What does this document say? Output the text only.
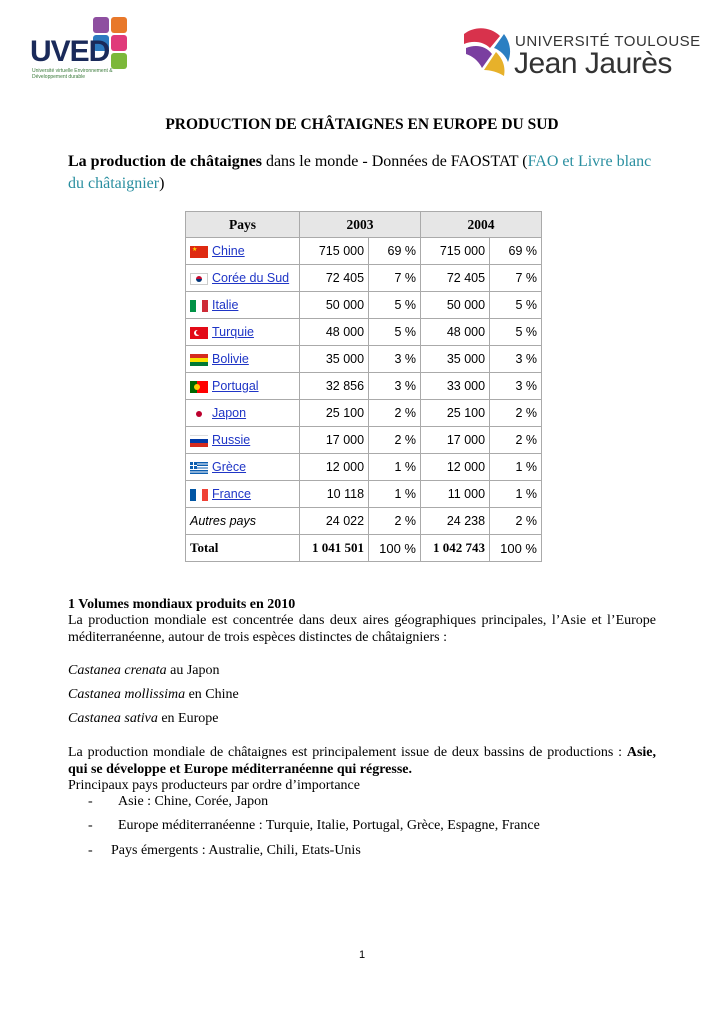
UVED
Université virtuelle Environnement & Développement durable
UNIVERSITÉ TOULOUSE
Jean Jaurès
PRODUCTION DE CHÂTAIGNES EN EUROPE DU SUD
La production de châtaignes dans le monde - Données de FAOSTAT (FAO et Livre blanc du châtaignier)
Pays	2003		2004	

★ Chine	715 000	69 %	715 000	69 %

Corée du Sud	72 405	7 %	72 405	7 %

Italie	50 000	5 %	50 000	5 %

Turquie	48 000	5 %	48 000	5 %

Bolivie	35 000	3 %	35 000	3 %

Portugal	32 856	3 %	33 000	3 %

Japon	25 100	2 %	25 100	2 %

Russie	17 000	2 %	17 000	2 %

Grèce	12 000	1 %	12 000	1 %

France	10 118	1 %	11 000	1 %
Autres pays	24 022	2 %	24 238	2 %
Total	1 041 501	100 %	1 042 743	100 %
1 Volumes mondiaux produits en 2010
La production mondiale est concentrée dans deux aires géographiques principales, l’Asie et l’Europe méditerranéenne, autour de trois espèces distinctes de châtaigniers :
Castanea crenata au Japon
Castanea mollissima en Chine
Castanea sativa en Europe
La production mondiale de châtaignes est principalement issue de deux bassins de productions : Asie, qui se développe et Europe méditerranéenne qui régresse.
Principaux pays producteurs par ordre d’importance
- Asie : Chine, Corée, Japon
- Europe méditerranéenne : Turquie, Italie, Portugal, Grèce, Espagne, France
- Pays émergents : Australie, Chili, Etats-Unis
1
